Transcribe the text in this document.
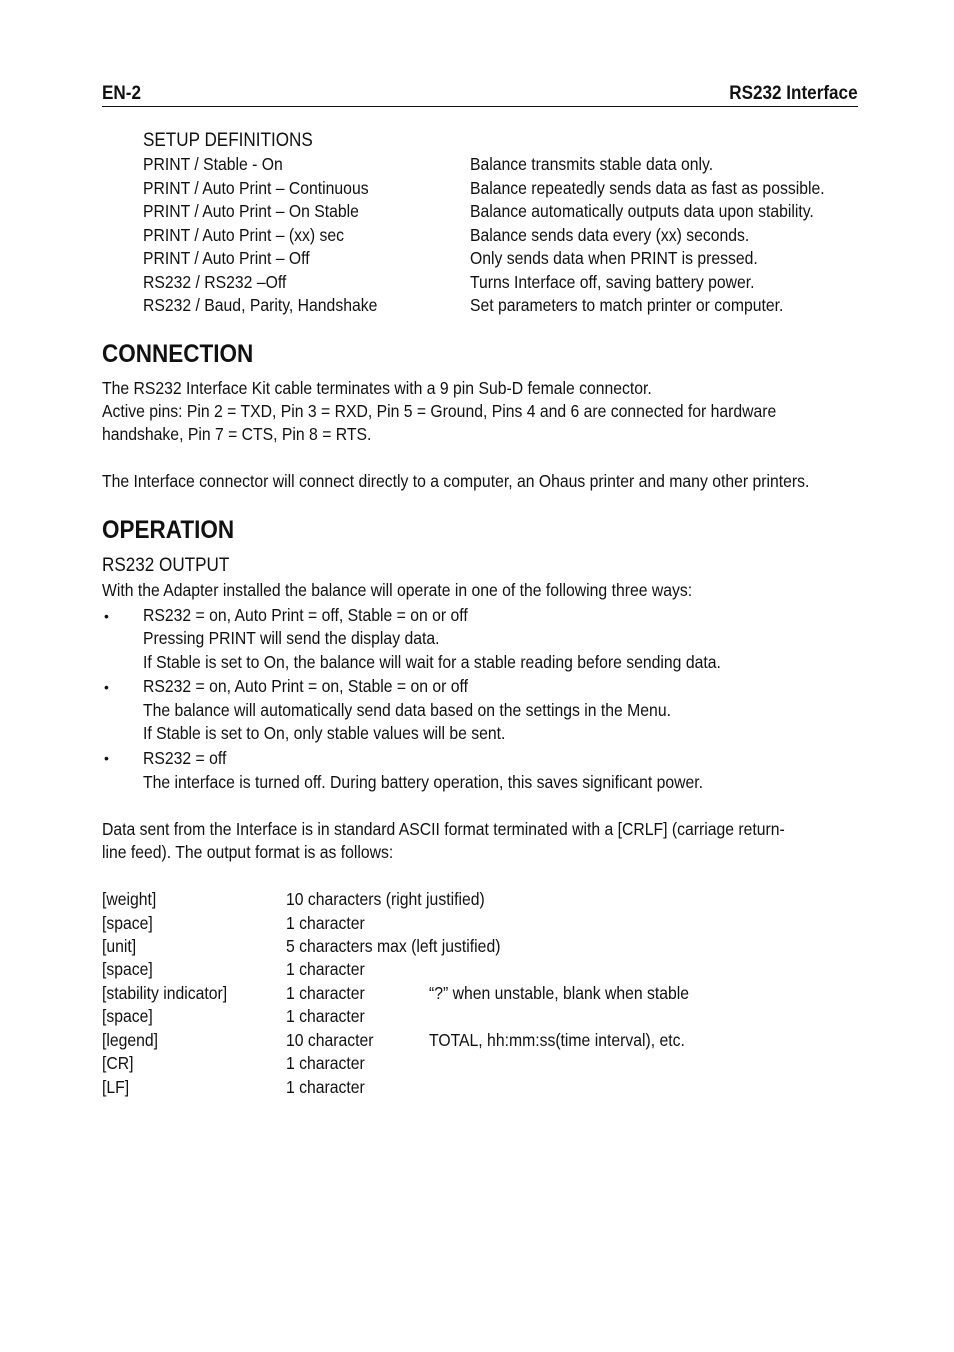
EN-2	RS232 Interface
SETUP DEFINITIONS
PRINT / Stable - On	Balance transmits stable data only.
PRINT / Auto Print – Continuous	Balance repeatedly sends data as fast as possible.
PRINT / Auto Print – On Stable	Balance automatically outputs data upon stability.
PRINT / Auto Print – (xx) sec	Balance sends data every (xx) seconds.
PRINT / Auto Print – Off	Only sends data when PRINT is pressed.
RS232 / RS232 –Off	Turns Interface off, saving battery power.
RS232 / Baud, Parity, Handshake	Set parameters to match printer or computer.
CONNECTION
The RS232 Interface Kit cable terminates with a 9 pin Sub-D female connector.
Active pins: Pin 2 = TXD, Pin 3 = RXD, Pin 5 = Ground, Pins 4 and 6 are connected for hardware
handshake, Pin 7 = CTS, Pin 8 = RTS.
The Interface connector will connect directly to a computer, an Ohaus printer and many other printers.
OPERATION
RS232 OUTPUT
With the Adapter installed the balance will operate in one of the following three ways:
• RS232 = on, Auto Print = off, Stable = on or off
Pressing PRINT will send the display data.
If Stable is set to On, the balance will wait for a stable reading before sending data.
• RS232 = on, Auto Print = on, Stable = on or off
The balance will automatically send data based on the settings in the Menu.
If Stable is set to On, only stable values will be sent.
• RS232 = off
The interface is turned off. During battery operation, this saves significant power.
Data sent from the Interface is in standard ASCII format terminated with a [CRLF] (carriage return-
line feed). The output format is as follows:
[weight]	10 characters (right justified)
[space]	1 character
[unit]	5 characters max (left justified)
[space]	1 character
[stability indicator]	1 character	“?” when unstable, blank when stable
[space]	1 character
[legend]	10 character	TOTAL, hh:mm:ss(time interval), etc.
[CR]	1 character
[LF]	1 character
